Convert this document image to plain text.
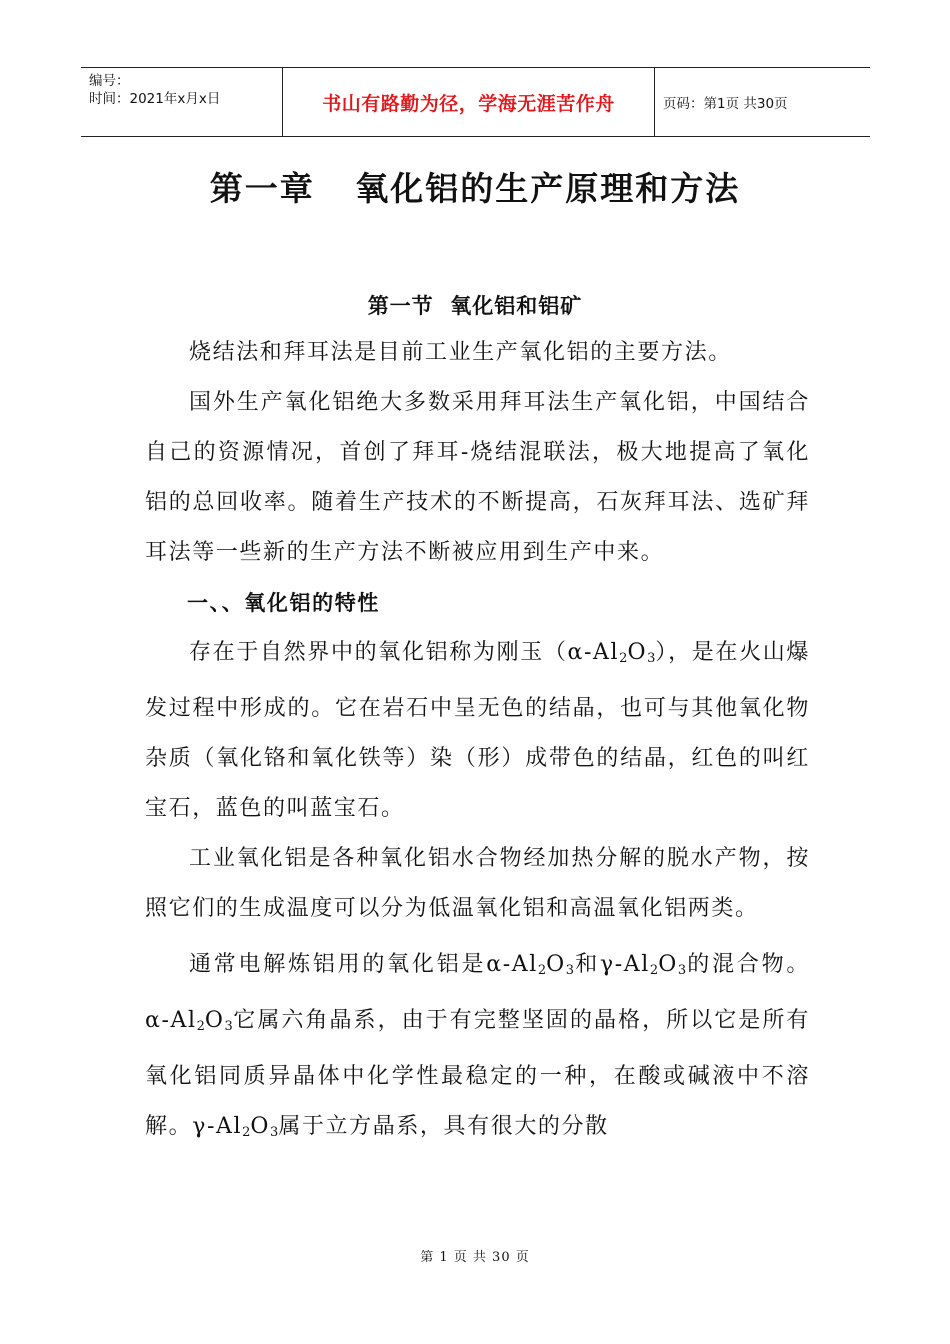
编号：
时间：2021年x月x日	书山有路勤为径，学海无涯苦作舟	页码：第1页 共30页
第一章   氧化铝的生产原理和方法
第一节  氧化铝和铝矿

烧结法和拜耳法是目前工业生产氧化铝的主要方法。

国外生产氧化铝绝大多数采用拜耳法生产氧化铝，中国结合自己的资源情况，首创了拜耳-烧结混联法，极大地提高了氧化铝的总回收率。随着生产技术的不断提高，石灰拜耳法、选矿拜耳法等一些新的生产方法不断被应用到生产中来。

一、、氧化铝的特性

存在于自然界中的氧化铝称为刚玉$(\alpha-Al_2O_3)$，是在火山爆发过程中形成的。它在岩石中呈无色的结晶，也可与其他氧化物杂质（氧化铬和氧化铁等）染（形）成带色的结晶，红色的叫红宝石，蓝色的叫蓝宝石。

工业氧化铝是各种氧化铝水合物经加热分解的脱水产物，按照它们的生成温度可以分为低温氧化铝和高温氧化铝两类。

通常电解炼铝用的氧化铝是$\alpha-Al_2O_3$和$\gamma-Al_2O_3$的混合物。$\alpha-Al_2O_3$它属六角晶系，由于有完整坚固的晶格，所以它是所有氧化铝同质异晶体中化学性最稳定的一种，在酸或碱液中不溶解。$\gamma-Al_2O_3$属于立方晶系，具有很大的分散

第 1 页 共 30 页
